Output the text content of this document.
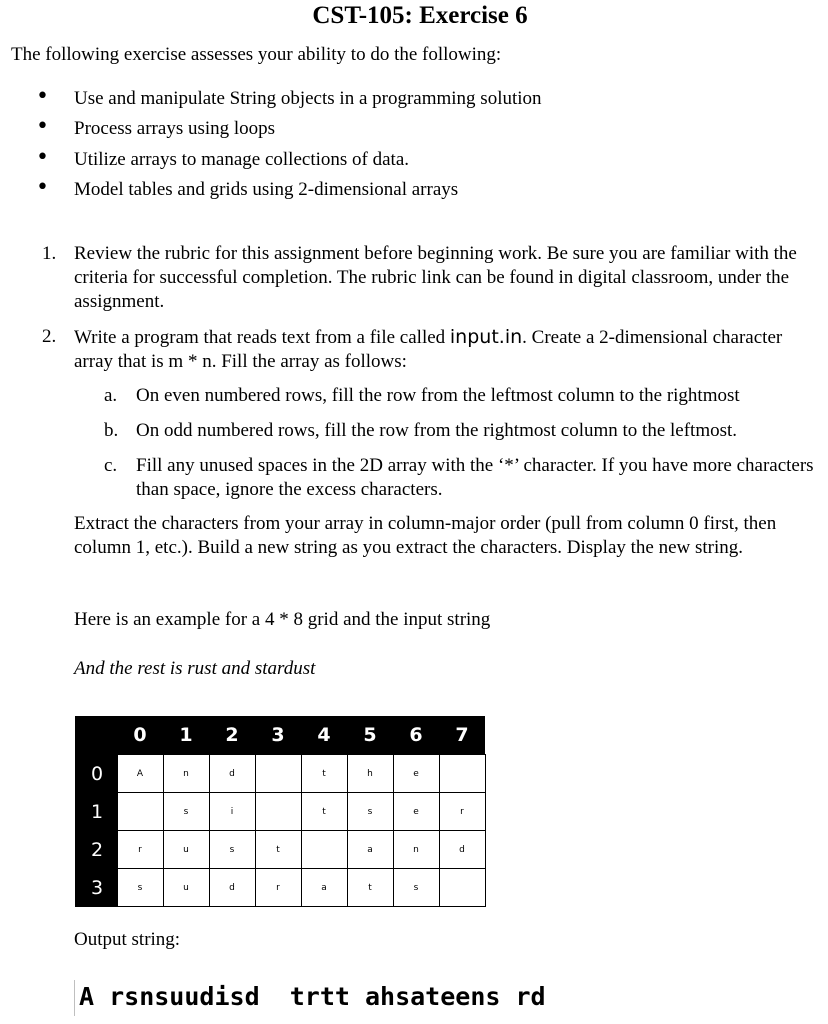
CST-105: Exercise 6
The following exercise assesses your ability to do the following:
• Use and manipulate String objects in a programming solution
• Process arrays using loops
• Utilize arrays to manage collections of data.
• Model tables and grids using 2-dimensional arrays
1. Review the rubric for this assignment before beginning work. Be sure you are familiar with the criteria for successful completion. The rubric link can be found in digital classroom, under the assignment.
2. Write a program that reads text from a file called input.in. Create a 2-dimensional character array that is m * n. Fill the array as follows:
a. On even numbered rows, fill the row from the leftmost column to the rightmost
b. On odd numbered rows, fill the row from the rightmost column to the leftmost.
c. Fill any unused spaces in the 2D array with the ‘*’ character. If you have more characters than space, ignore the excess characters.
Extract the characters from your array in column-major order (pull from column 0 first, then column 1, etc.). Build a new string as you extract the characters. Display the new string.
Here is an example for a 4 * 8 grid and the input string
And the rest is rust and stardust
	0	1	2	3	4	5	6	7
0	A	n	d		t	h	e	
1		s	i		t	s	e	r
2	r	u	s	t		a	n	d
3	s	u	d	r	a	t	s	
Output string:
A rsnsuudisd  trtt ahsateens rd
